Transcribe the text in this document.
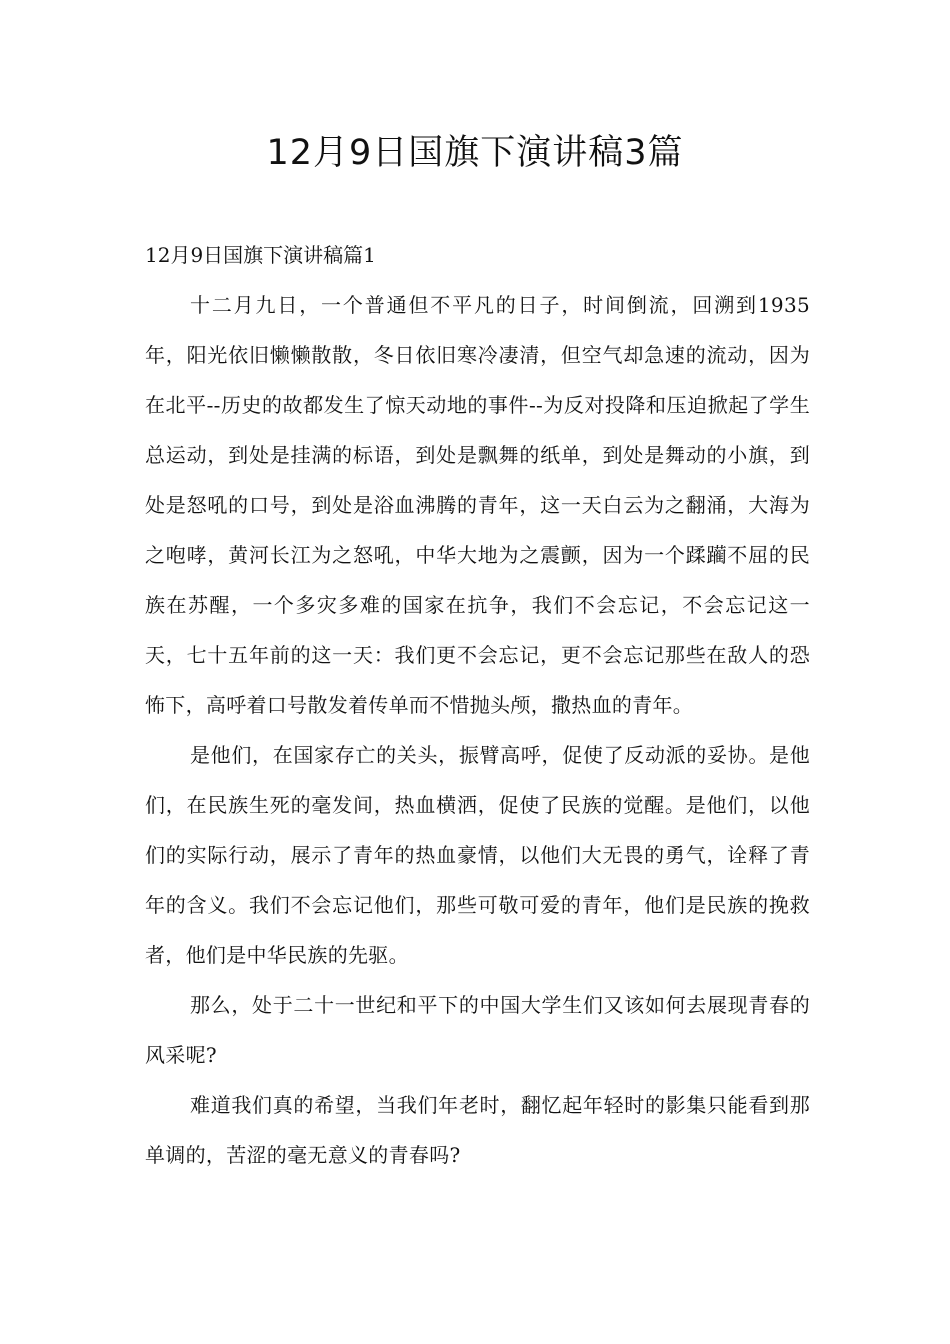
12月9日国旗下演讲稿3篇
12月9日国旗下演讲稿篇1

十二月九日，一个普通但不平凡的日子，时间倒流，回溯到1935年，阳光依旧懒懒散散，冬日依旧寒冷凄清，但空气却急速的流动，因为在北平--历史的故都发生了惊天动地的事件--为反对投降和压迫掀起了学生总运动，到处是挂满的标语，到处是飘舞的纸单，到处是舞动的小旗，到处是怒吼的口号，到处是浴血沸腾的青年，这一天白云为之翻涌，大海为之咆哮，黄河长江为之怒吼，中华大地为之震颤，因为一个蹂躏不屈的民族在苏醒，一个多灾多难的国家在抗争，我们不会忘记，不会忘记这一天，七十五年前的这一天：我们更不会忘记，更不会忘记那些在敌人的恐怖下，高呼着口号散发着传单而不惜抛头颅，撒热血的青年。

是他们，在国家存亡的关头，振臂高呼，促使了反动派的妥协。是他们，在民族生死的毫发间，热血横洒，促使了民族的觉醒。是他们，以他们的实际行动，展示了青年的热血豪情，以他们大无畏的勇气，诠释了青年的含义。我们不会忘记他们，那些可敬可爱的青年，他们是民族的挽救者，他们是中华民族的先驱。

那么，处于二十一世纪和平下的中国大学生们又该如何去展现青春的风采呢?

难道我们真的希望，当我们年老时，翻忆起年轻时的影集只能看到那单调的，苦涩的毫无意义的青春吗?
